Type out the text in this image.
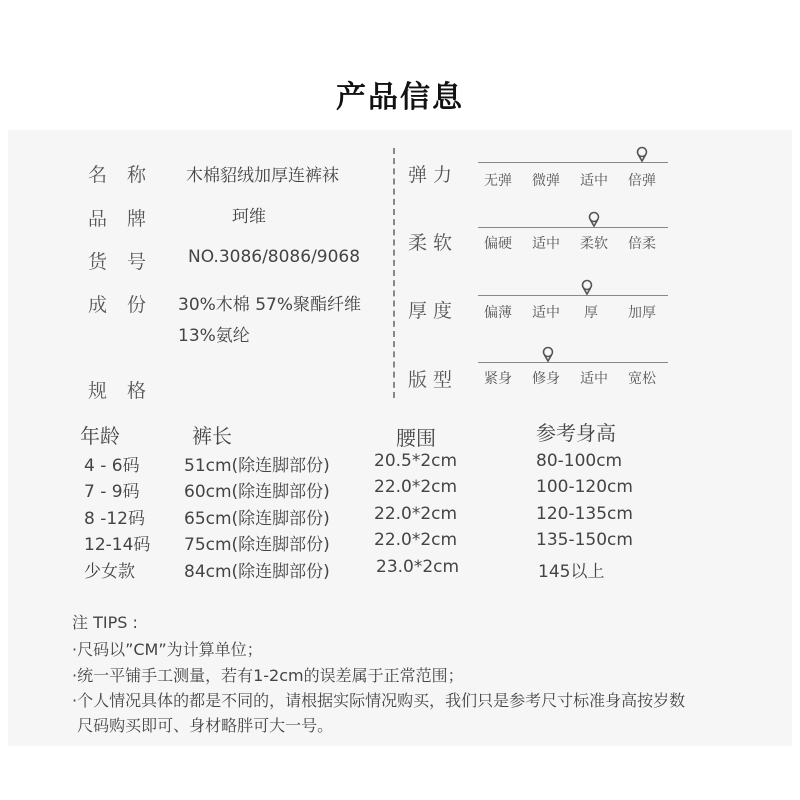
产品信息
名称 木棉貂绒加厚连裤袜
品牌	珂维
货号 NO.3086/8086/9068
成份 30%木棉 57%聚酯纤维
13%氨纶
规格
弹力 无弹 微弹 适中 倍弹
柔软 偏硬 适中 柔软 倍柔
厚度 偏薄 适中 厚 加厚
版型 紧身 修身 适中 宽松
年龄	裤长	腰围	参考身高
4 - 6码	51cm(除连脚部份)	20.5*2cm	80-100cm
7 - 9码	60cm(除连脚部份)	22.0*2cm	100-120cm
8 -12码 65cm(除连脚部份)	22.0*2cm	120-135cm
12-14码 75cm(除连脚部份)	22.0*2cm	135-150cm
少女款	84cm(除连脚部份)	23.0*2cm	145以上
注 TIPS :
·尺码以”CM”为计算单位；
·统一平铺手工测量，若有1-2cm的误差属于正常范围；
·个人情况具体的都是不同的，请根据实际情况购买，我们只是参考尺寸标准身高按岁数
尺码购买即可、身材略胖可大一号。
